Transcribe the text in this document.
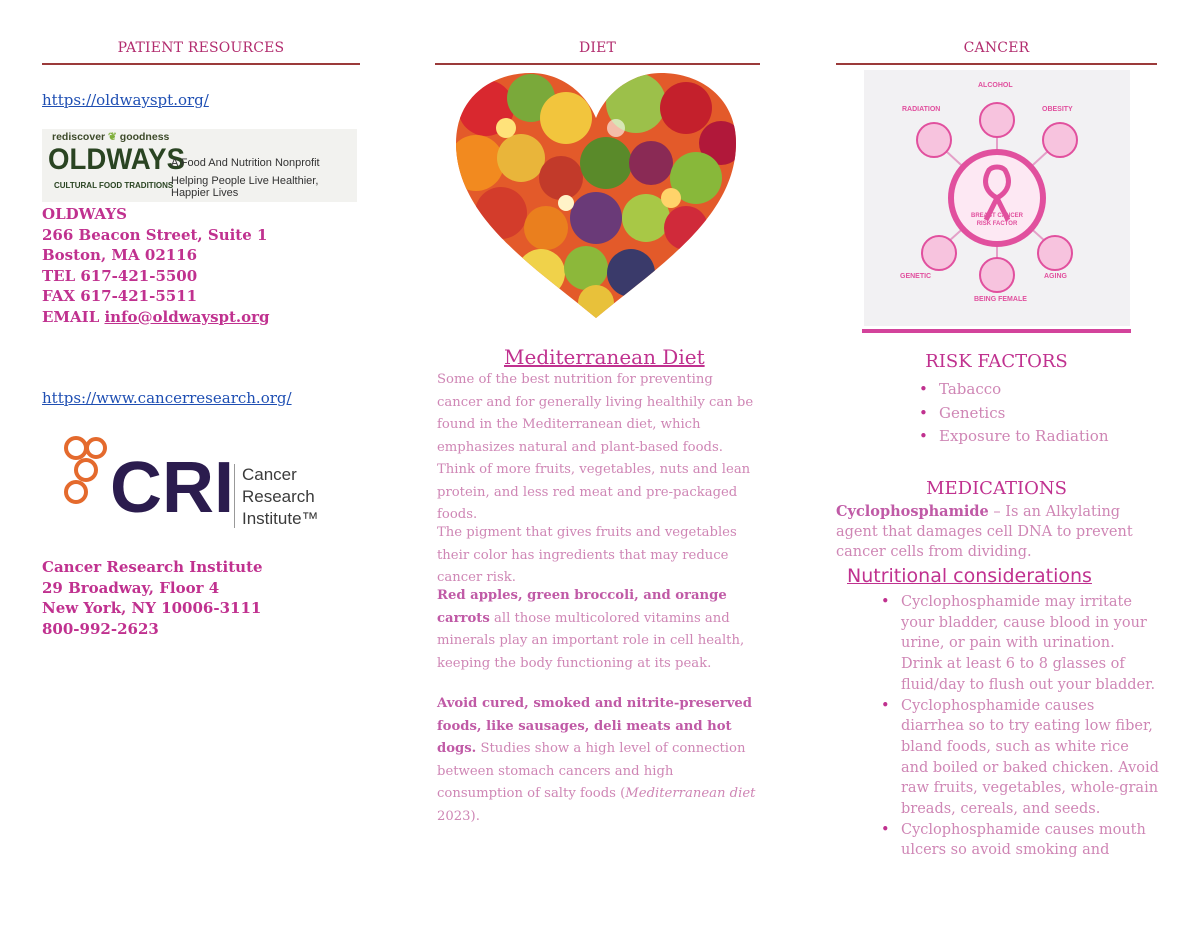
PATIENT RESOURCES
https://oldwayspt.org/
rediscover ❦ goodness
OLDWAYS
CULTURAL FOOD TRADITIONS
A Food And Nutrition Nonprofit
Helping People Live Healthier, Happier Lives
OLDWAYS
266 Beacon Street, Suite 1
Boston, MA 02116
TEL 617-421-5500
FAX 617-421-5511
EMAIL info@oldwayspt.org
https://www.cancerresearch.org/
CRI Cancer
Research
Institute™
Cancer Research Institute
29 Broadway, Floor 4
New York, NY 10006-3111
800-992-2623
DIET
Mediterranean Diet
Some of the best nutrition for preventing cancer and for generally living healthily can be found in the Mediterranean diet, which emphasizes natural and plant-based foods. Think of more fruits, vegetables, nuts and lean protein, and less red meat and pre-packaged foods.
The pigment that gives fruits and vegetables their color has ingredients that may reduce cancer risk.
Red apples, green broccoli, and orange carrots all those multicolored vitamins and minerals play an important role in cell health, keeping the body functioning at its peak.
Avoid cured, smoked and nitrite-preserved foods, like sausages, deli meats and hot dogs. Studies show a high level of connection between stomach cancers and high consumption of salty foods (Mediterranean diet 2023).
CANCER
BREAST CANCER
RISK FACTOR
ALCOHOL
RADIATION	OBESITY
GENETIC	AGING
BEING FEMALE
RISK FACTORS
• Tabacco
• Genetics
• Exposure to Radiation
MEDICATIONS
Cyclophosphamide – Is an Alkylating agent that damages cell DNA to prevent cancer cells from dividing.
Nutritional considerations
• Cyclophosphamide may irritate your bladder, cause blood in your urine, or pain with urination. Drink at least 6 to 8 glasses of fluid/day to flush out your bladder.
• Cyclophosphamide causes diarrhea so to try eating low fiber, bland foods, such as white rice and boiled or baked chicken. Avoid raw fruits, vegetables, whole-grain breads, cereals, and seeds.
• Cyclophosphamide causes mouth ulcers so avoid smoking and
